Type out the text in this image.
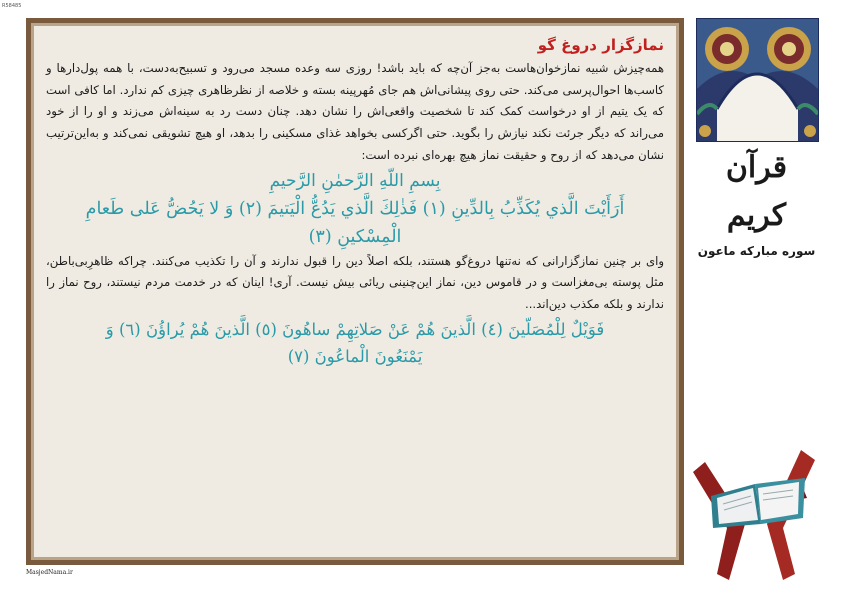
R58485
نمازگزار دروغ گو

همه‌چیزش شبیه نمازخوان‌هاست به‌جز آن‌چه که باید باشد! روزی سه وعده مسجد می‌رود و تسبیح‌به‌دست، با همه پول‌دارها و کاسب‌ها احوال‌پرسی می‌کند. حتی روی پیشانی‌اش هم جای مُهرپینه بسته و خلاصه از نظرظاهری چیزی کم ندارد. اما کافی است که یک یتیم از او درخواست کمک کند تا شخصیت واقعی‌اش را نشان دهد. چنان دست رد به سینه‌اش می‌زند و او را از خود می‌راند که دیگر جرئت نکند نیازش را بگوید. حتی اگرکسی بخواهد غذای مسکینی را بدهد، او هیچ تشویقی نمی‌کند و به‌این‌ترتیب نشان می‌دهد که از روح و حقیقت نماز هیچ بهره‌ای نبرده است:

بِسمِ اللّهِ الرَّحمٰنِ الرَّحیمِ
أَرَأَيْتَ الَّذي يُكَذِّبُ بِالدِّينِ (١) فَذٰلِكَ الَّذي يَدُعُّ الْيَتيمَ (٢) وَ لا يَحُضُّ عَلى طَعامِ
الْمِسْكينِ (٣)

وای بر چنین نمازگزارانی که نه‌تنها دروغ‌گو هستند، بلکه اصلاً دین را قبول ندارند و آن را تکذیب می‌کنند. چراکه ظاهرِبی‌باطن، مثل پوسته بی‌مغزاست و در قاموس دین، نماز این‌چنینی ریائی بیش نیست. آری! اینان که در خدمت مردم نیستند، روح نماز را ندارند و بلکه مکذب دین‌اند...

فَوَيْلٌ لِلْمُصَلّينَ (٤) الَّذينَ هُمْ عَنْ صَلاتِهِمْ ساهُونَ (٥) الَّذينَ هُمْ يُراؤُنَ (٦) وَ
يَمْنَعُونَ الْماعُونَ (٧)
قرآن کریم
سوره مبارکه ماعون
MasjedNama.ir
